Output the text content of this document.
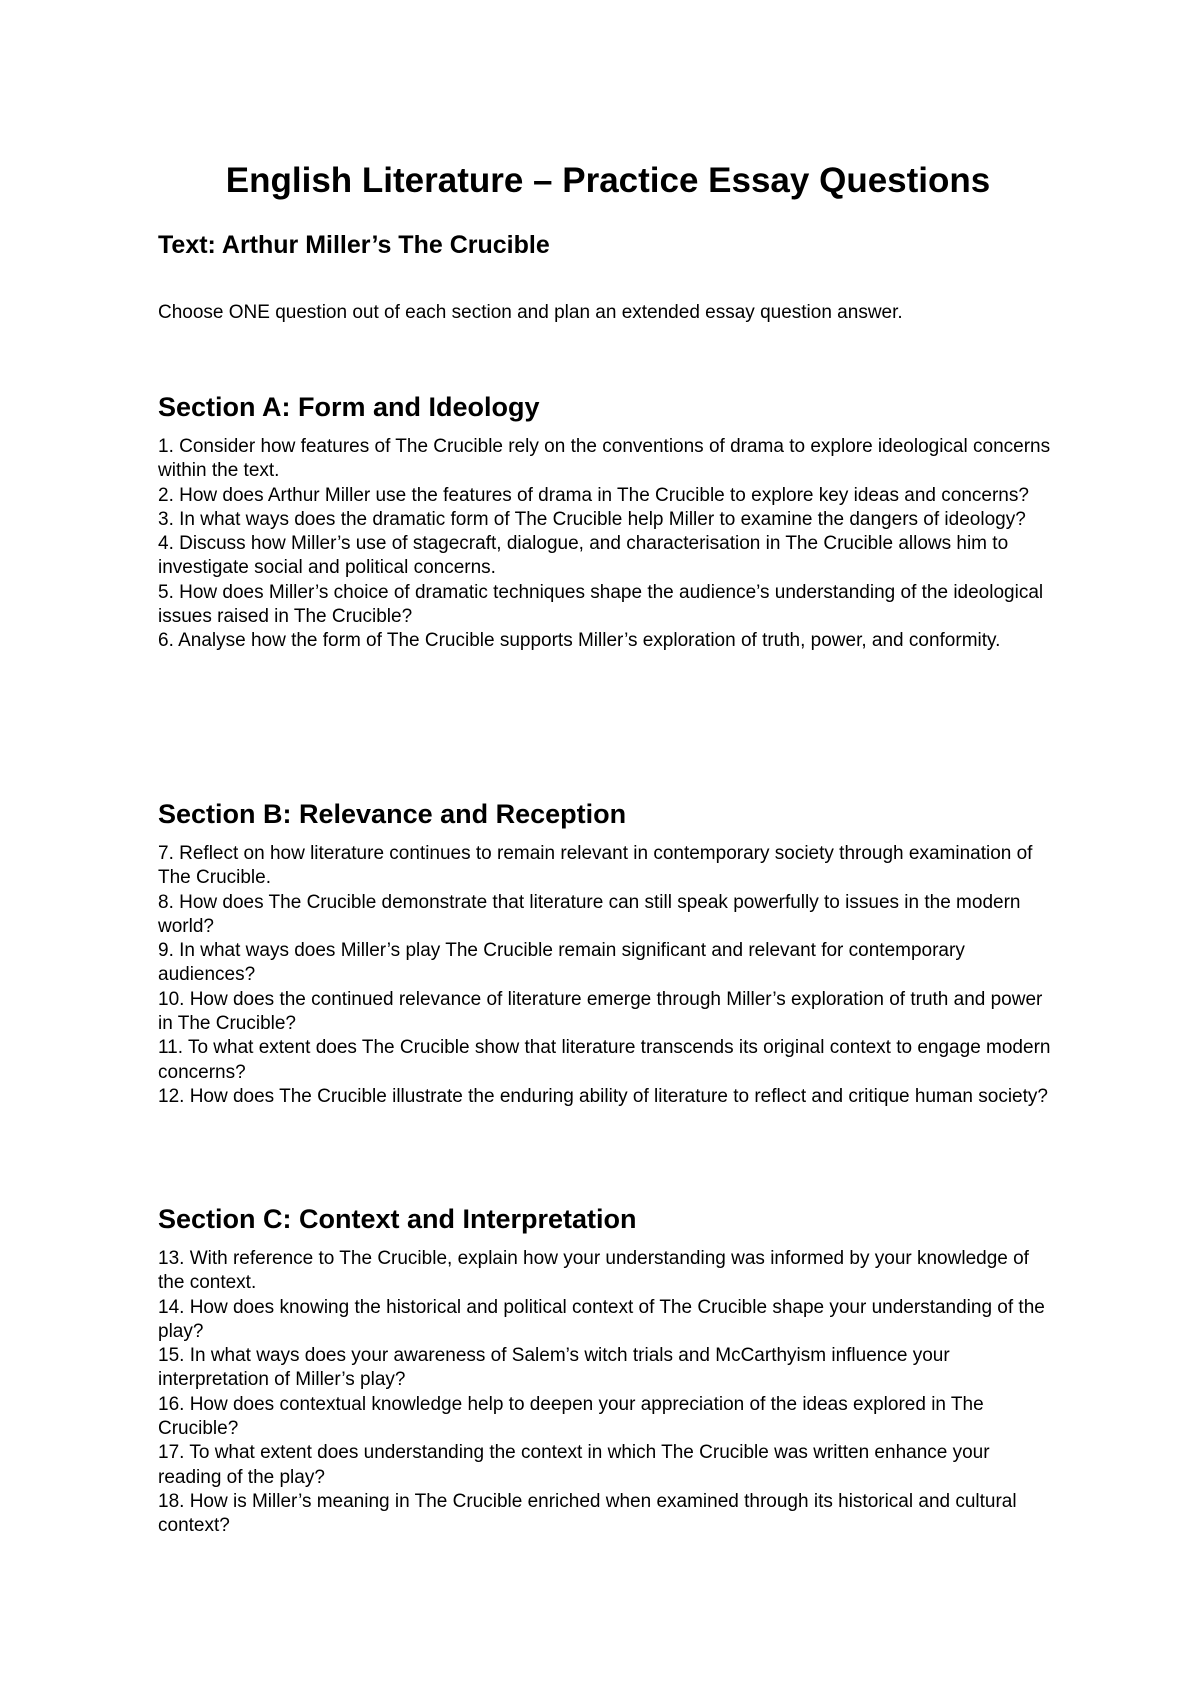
English Literature – Practice Essay Questions
Text: Arthur Miller’s The Crucible

Choose ONE question out of each section and plan an extended essay question answer.

Section A: Form and Ideology
1. Consider how features of The Crucible rely on the conventions of drama to explore ideological concerns within the text.
2. How does Arthur Miller use the features of drama in The Crucible to explore key ideas and concerns?
3. In what ways does the dramatic form of The Crucible help Miller to examine the dangers of ideology?
4. Discuss how Miller’s use of stagecraft, dialogue, and characterisation in The Crucible allows him to investigate social and political concerns.
5. How does Miller’s choice of dramatic techniques shape the audience’s understanding of the ideological issues raised in The Crucible?
6. Analyse how the form of The Crucible supports Miller’s exploration of truth, power, and conformity.
Section B: Relevance and Reception
7. Reflect on how literature continues to remain relevant in contemporary society through examination of The Crucible.
8. How does The Crucible demonstrate that literature can still speak powerfully to issues in the modern world?
9. In what ways does Miller’s play The Crucible remain significant and relevant for contemporary audiences?
10. How does the continued relevance of literature emerge through Miller’s exploration of truth and power in The Crucible?
11. To what extent does The Crucible show that literature transcends its original context to engage modern concerns?
12. How does The Crucible illustrate the enduring ability of literature to reflect and critique human society?
Section C: Context and Interpretation
13. With reference to The Crucible, explain how your understanding was informed by your knowledge of the context.
14. How does knowing the historical and political context of The Crucible shape your understanding of the play?
15. In what ways does your awareness of Salem’s witch trials and McCarthyism influence your interpretation of Miller’s play?
16. How does contextual knowledge help to deepen your appreciation of the ideas explored in The Crucible?
17. To what extent does understanding the context in which The Crucible was written enhance your reading of the play?
18. How is Miller’s meaning in The Crucible enriched when examined through its historical and cultural context?
